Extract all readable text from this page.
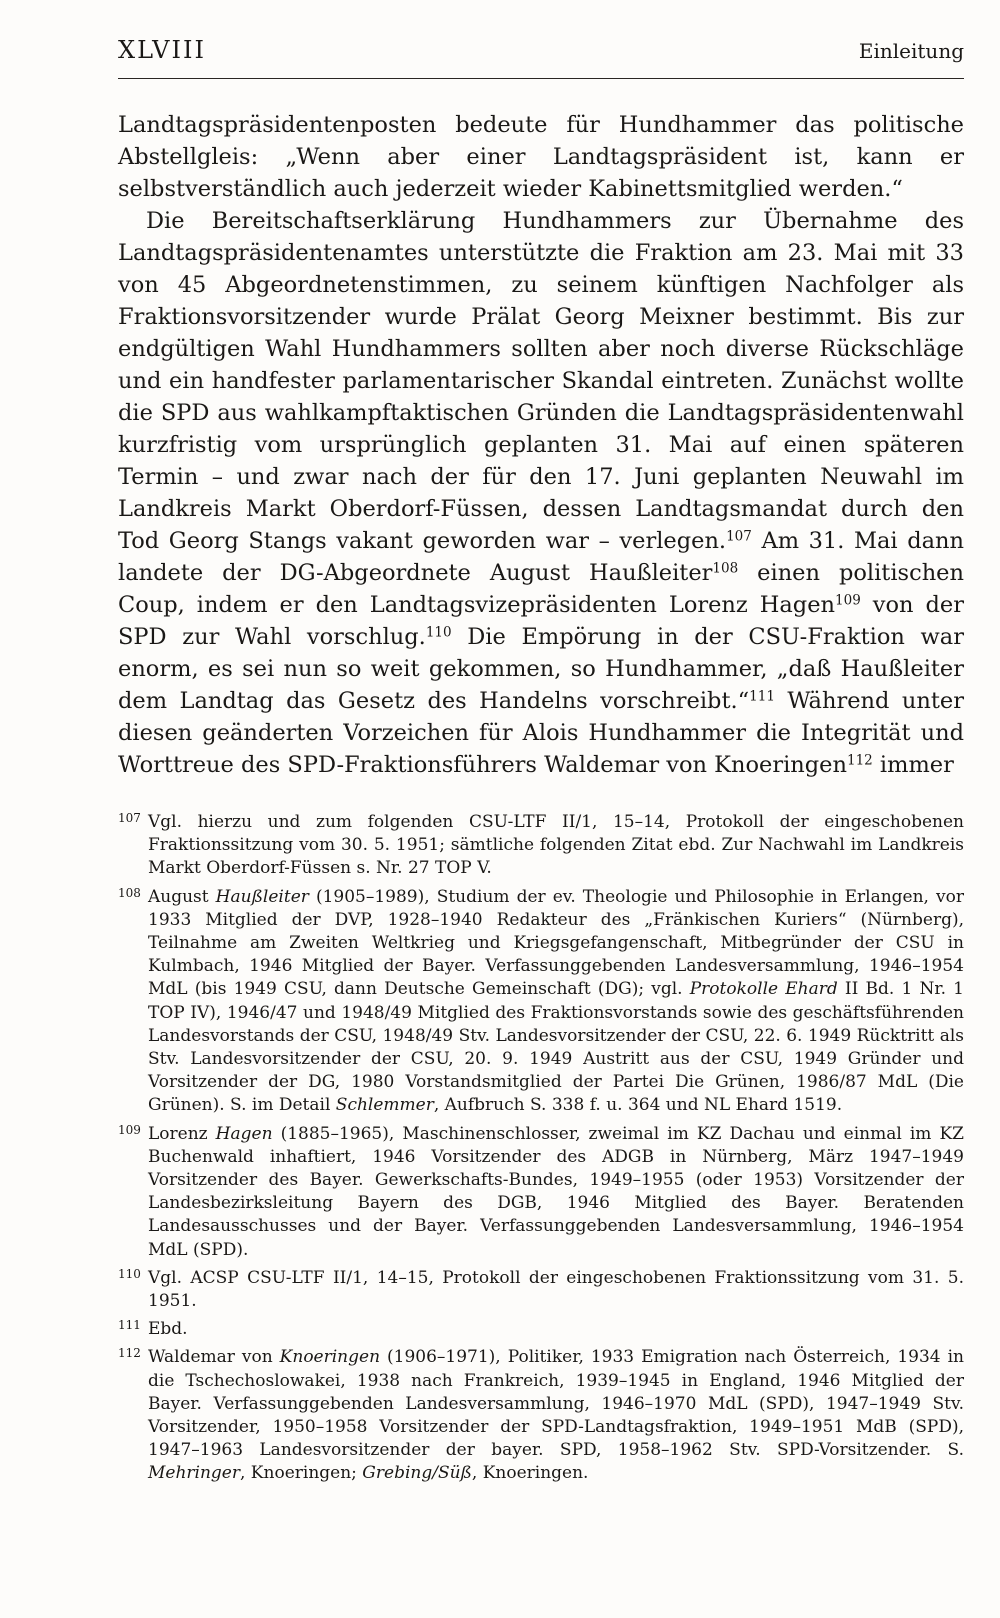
XLVIII	Einleitung

Landtagspräsidentenposten bedeute für Hundhammer das politische Abstellgleis: „Wenn aber einer Landtagspräsident ist, kann er selbstverständlich auch jederzeit wieder Kabinettsmitglied werden.“

Die Bereitschaftserklärung Hundhammers zur Übernahme des Landtagspräsidentenamtes unterstützte die Fraktion am 23. Mai mit 33 von 45 Abgeordnetenstimmen, zu seinem künftigen Nachfolger als Fraktionsvorsitzender wurde Prälat Georg Meixner bestimmt. Bis zur endgültigen Wahl Hundhammers sollten aber noch diverse Rückschläge und ein handfester parlamentarischer Skandal eintreten. Zunächst wollte die SPD aus wahlkampftaktischen Gründen die Landtagspräsidentenwahl kurzfristig vom ursprünglich geplanten 31. Mai auf einen späteren Termin – und zwar nach der für den 17. Juni geplanten Neuwahl im Landkreis Markt Oberdorf-Füssen, dessen Landtagsmandat durch den Tod Georg Stangs vakant geworden war – verlegen.$^{107}$ Am 31. Mai dann landete der DG-Abgeordnete August Haußleiter$^{108}$ einen politischen Coup, indem er den Landtagsvizepräsidenten Lorenz Hagen$^{109}$ von der SPD zur Wahl vorschlug.$^{110}$ Die Empörung in der CSU-Fraktion war enorm, es sei nun so weit gekommen, so Hundhammer, „daß Haußleiter dem Landtag das Gesetz des Handelns vorschreibt.“$^{111}$ Während unter diesen geänderten Vorzeichen für Alois Hundhammer die Integrität und Worttreue des SPD-Fraktionsführers Waldemar von Knoeringen$^{112}$ immer

107 Vgl. hierzu und zum folgenden CSU-LTF II/1, 15–14, Protokoll der eingeschobenen Fraktionssitzung vom 30. 5. 1951; sämtliche folgenden Zitat ebd. Zur Nachwahl im Landkreis Markt Oberdorf-Füssen s. Nr. 27 TOP V.
108 August Haußleiter (1905–1989), Studium der ev. Theologie und Philosophie in Erlangen, vor 1933 Mitglied der DVP, 1928–1940 Redakteur des „Fränkischen Kuriers“ (Nürnberg), Teilnahme am Zweiten Weltkrieg und Kriegsgefangenschaft, Mitbegründer der CSU in Kulmbach, 1946 Mitglied der Bayer. Verfassunggebenden Landesversammlung, 1946–1954 MdL (bis 1949 CSU, dann Deutsche Gemeinschaft (DG); vgl. Protokolle Ehard II Bd. 1 Nr. 1 TOP IV), 1946/47 und 1948/49 Mitglied des Fraktionsvorstands sowie des geschäftsführenden Landesvorstands der CSU, 1948/49 Stv. Landesvorsitzender der CSU, 22. 6. 1949 Rücktritt als Stv. Landesvorsitzender der CSU, 20. 9. 1949 Austritt aus der CSU, 1949 Gründer und Vorsitzender der DG, 1980 Vorstandsmitglied der Partei Die Grünen, 1986/87 MdL (Die Grünen). S. im Detail Schlemmer, Aufbruch S. 338 f. u. 364 und NL Ehard 1519.
109 Lorenz Hagen (1885–1965), Maschinenschlosser, zweimal im KZ Dachau und einmal im KZ Buchenwald inhaftiert, 1946 Vorsitzender des ADGB in Nürnberg, März 1947–1949 Vorsitzender des Bayer. Gewerkschafts-Bundes, 1949–1955 (oder 1953) Vorsitzender der Landesbezirksleitung Bayern des DGB, 1946 Mitglied des Bayer. Beratenden Landesausschusses und der Bayer. Verfassunggebenden Landesversammlung, 1946–1954 MdL (SPD).
110 Vgl. ACSP CSU-LTF II/1, 14–15, Protokoll der eingeschobenen Fraktionssitzung vom 31. 5. 1951.
111 Ebd.
112 Waldemar von Knoeringen (1906–1971), Politiker, 1933 Emigration nach Österreich, 1934 in die Tschechoslowakei, 1938 nach Frankreich, 1939–1945 in England, 1946 Mitglied der Bayer. Verfassunggebenden Landesversammlung, 1946–1970 MdL (SPD), 1947–1949 Stv. Vorsitzender, 1950–1958 Vorsitzender der SPD-Landtagsfraktion, 1949–1951 MdB (SPD), 1947–1963 Landesvorsitzender der bayer. SPD, 1958–1962 Stv. SPD-Vorsitzender. S. Mehringer, Knoeringen; Grebing/Süß, Knoeringen.
